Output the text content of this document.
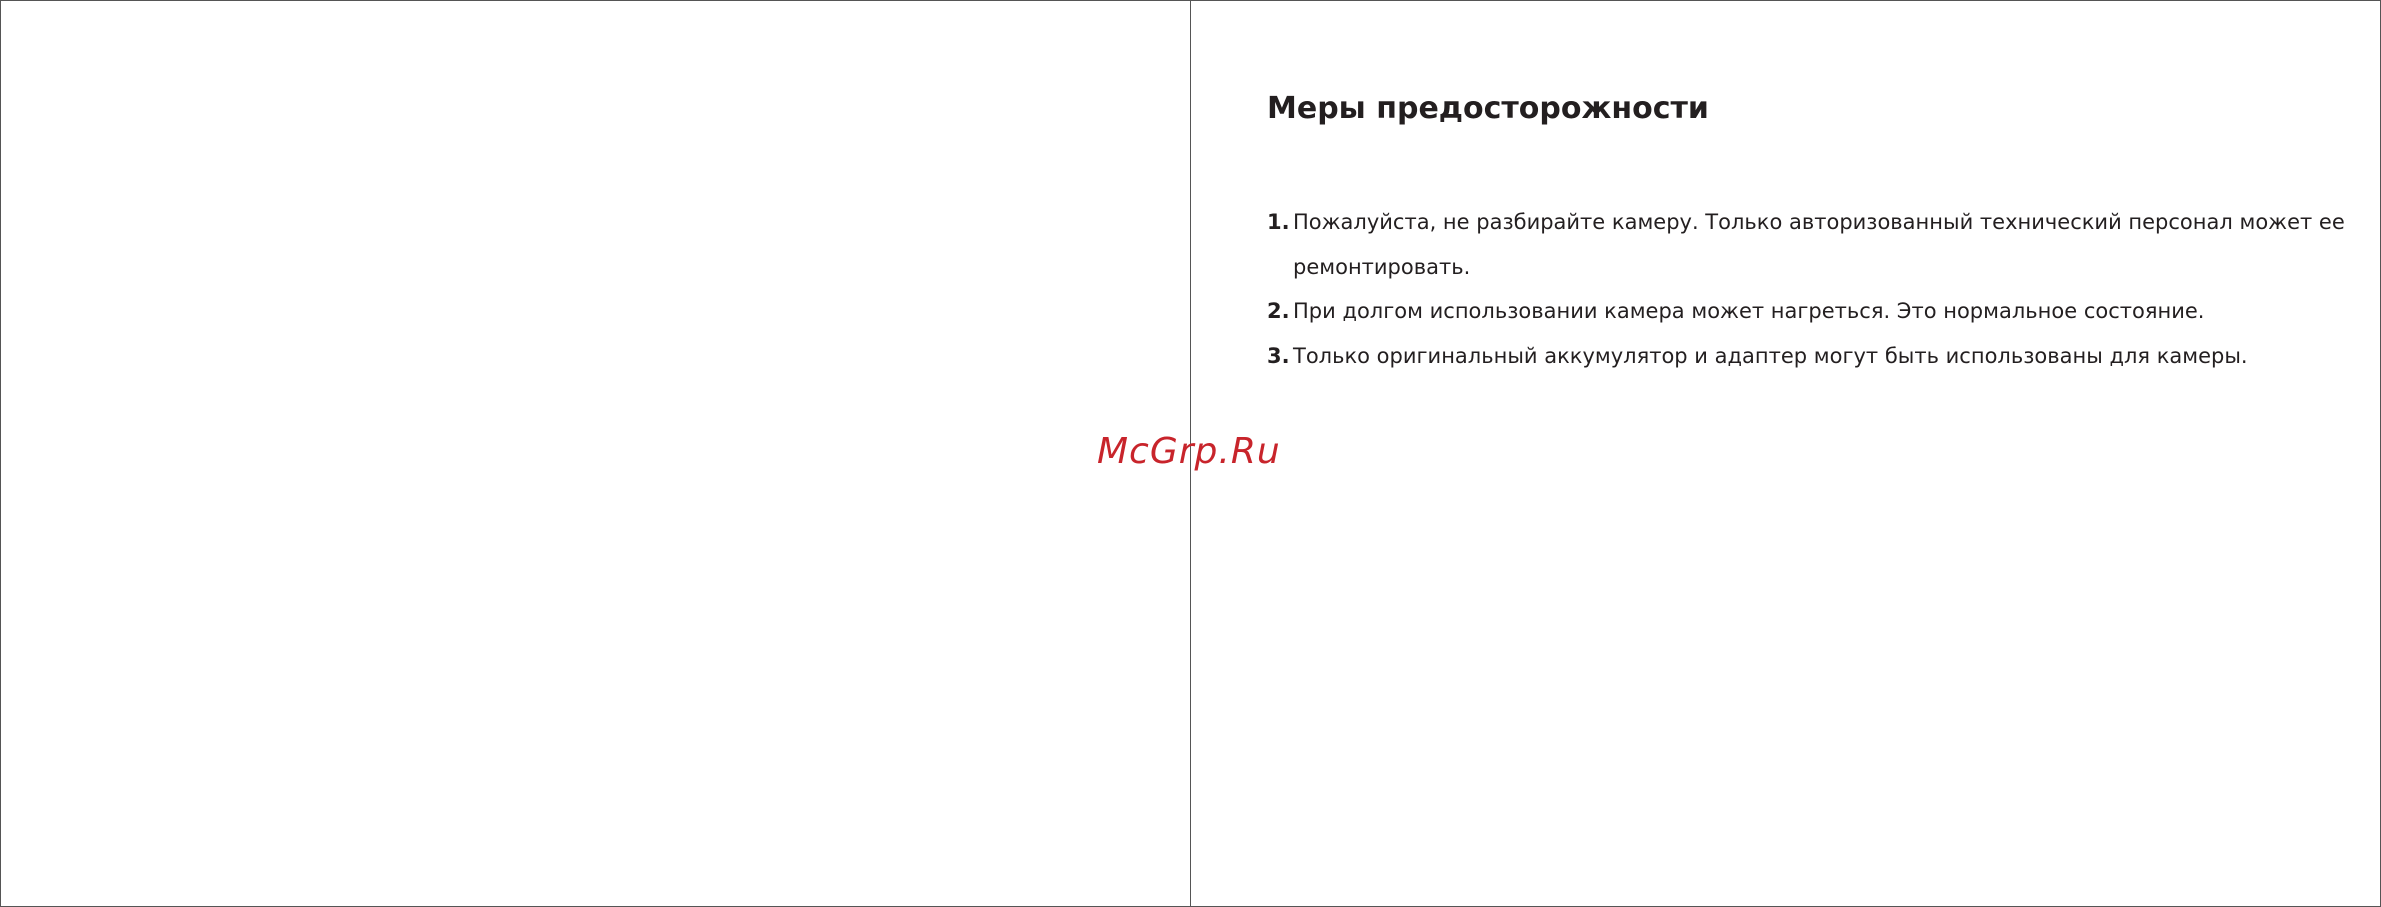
Меры предосторожности
1. Пожалуйста, не разбирайте камеру. Только авторизованный технический персонал может ее ремонтировать.
2. При долгом использовании камера может нагреться. Это нормальное состояние.
3. Только оригинальный аккумулятор и адаптер могут быть использованы для камеры.
McGrp.Ru
